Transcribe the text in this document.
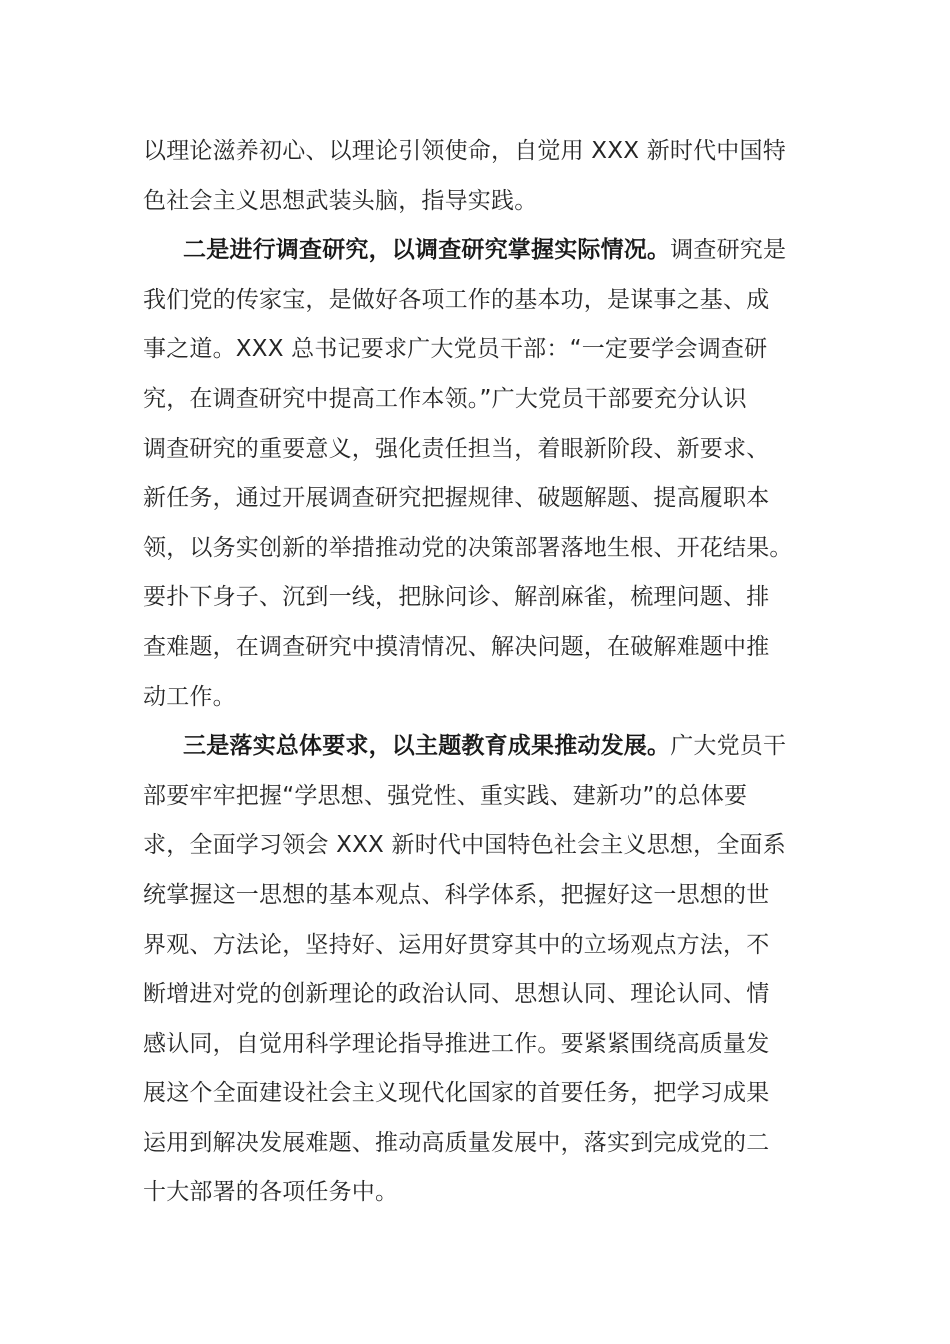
以理论滋养初心、以理论引领使命，自觉用 XXX 新时代中国特
色社会主义思想武装头脑，指导实践。
二是进行调查研究，以调查研究掌握实际情况。调查研究是
我们党的传家宝，是做好各项工作的基本功，是谋事之基、成
事之道。XXX 总书记要求广大党员干部：“一定要学会调查研
究，在调查研究中提高工作本领。”广大党员干部要充分认识
调查研究的重要意义，强化责任担当，着眼新阶段、新要求、
新任务，通过开展调查研究把握规律、破题解题、提高履职本
领，以务实创新的举措推动党的决策部署落地生根、开花结果。
要扑下身子、沉到一线，把脉问诊、解剖麻雀，梳理问题、排
查难题，在调查研究中摸清情况、解决问题，在破解难题中推
动工作。
三是落实总体要求，以主题教育成果推动发展。广大党员干
部要牢牢把握“学思想、强党性、重实践、建新功”的总体要
求，全面学习领会 XXX 新时代中国特色社会主义思想，全面系
统掌握这一思想的基本观点、科学体系，把握好这一思想的世
界观、方法论，坚持好、运用好贯穿其中的立场观点方法，不
断增进对党的创新理论的政治认同、思想认同、理论认同、情
感认同，自觉用科学理论指导推进工作。要紧紧围绕高质量发
展这个全面建设社会主义现代化国家的首要任务，把学习成果
运用到解决发展难题、推动高质量发展中，落实到完成党的二
十大部署的各项任务中。
